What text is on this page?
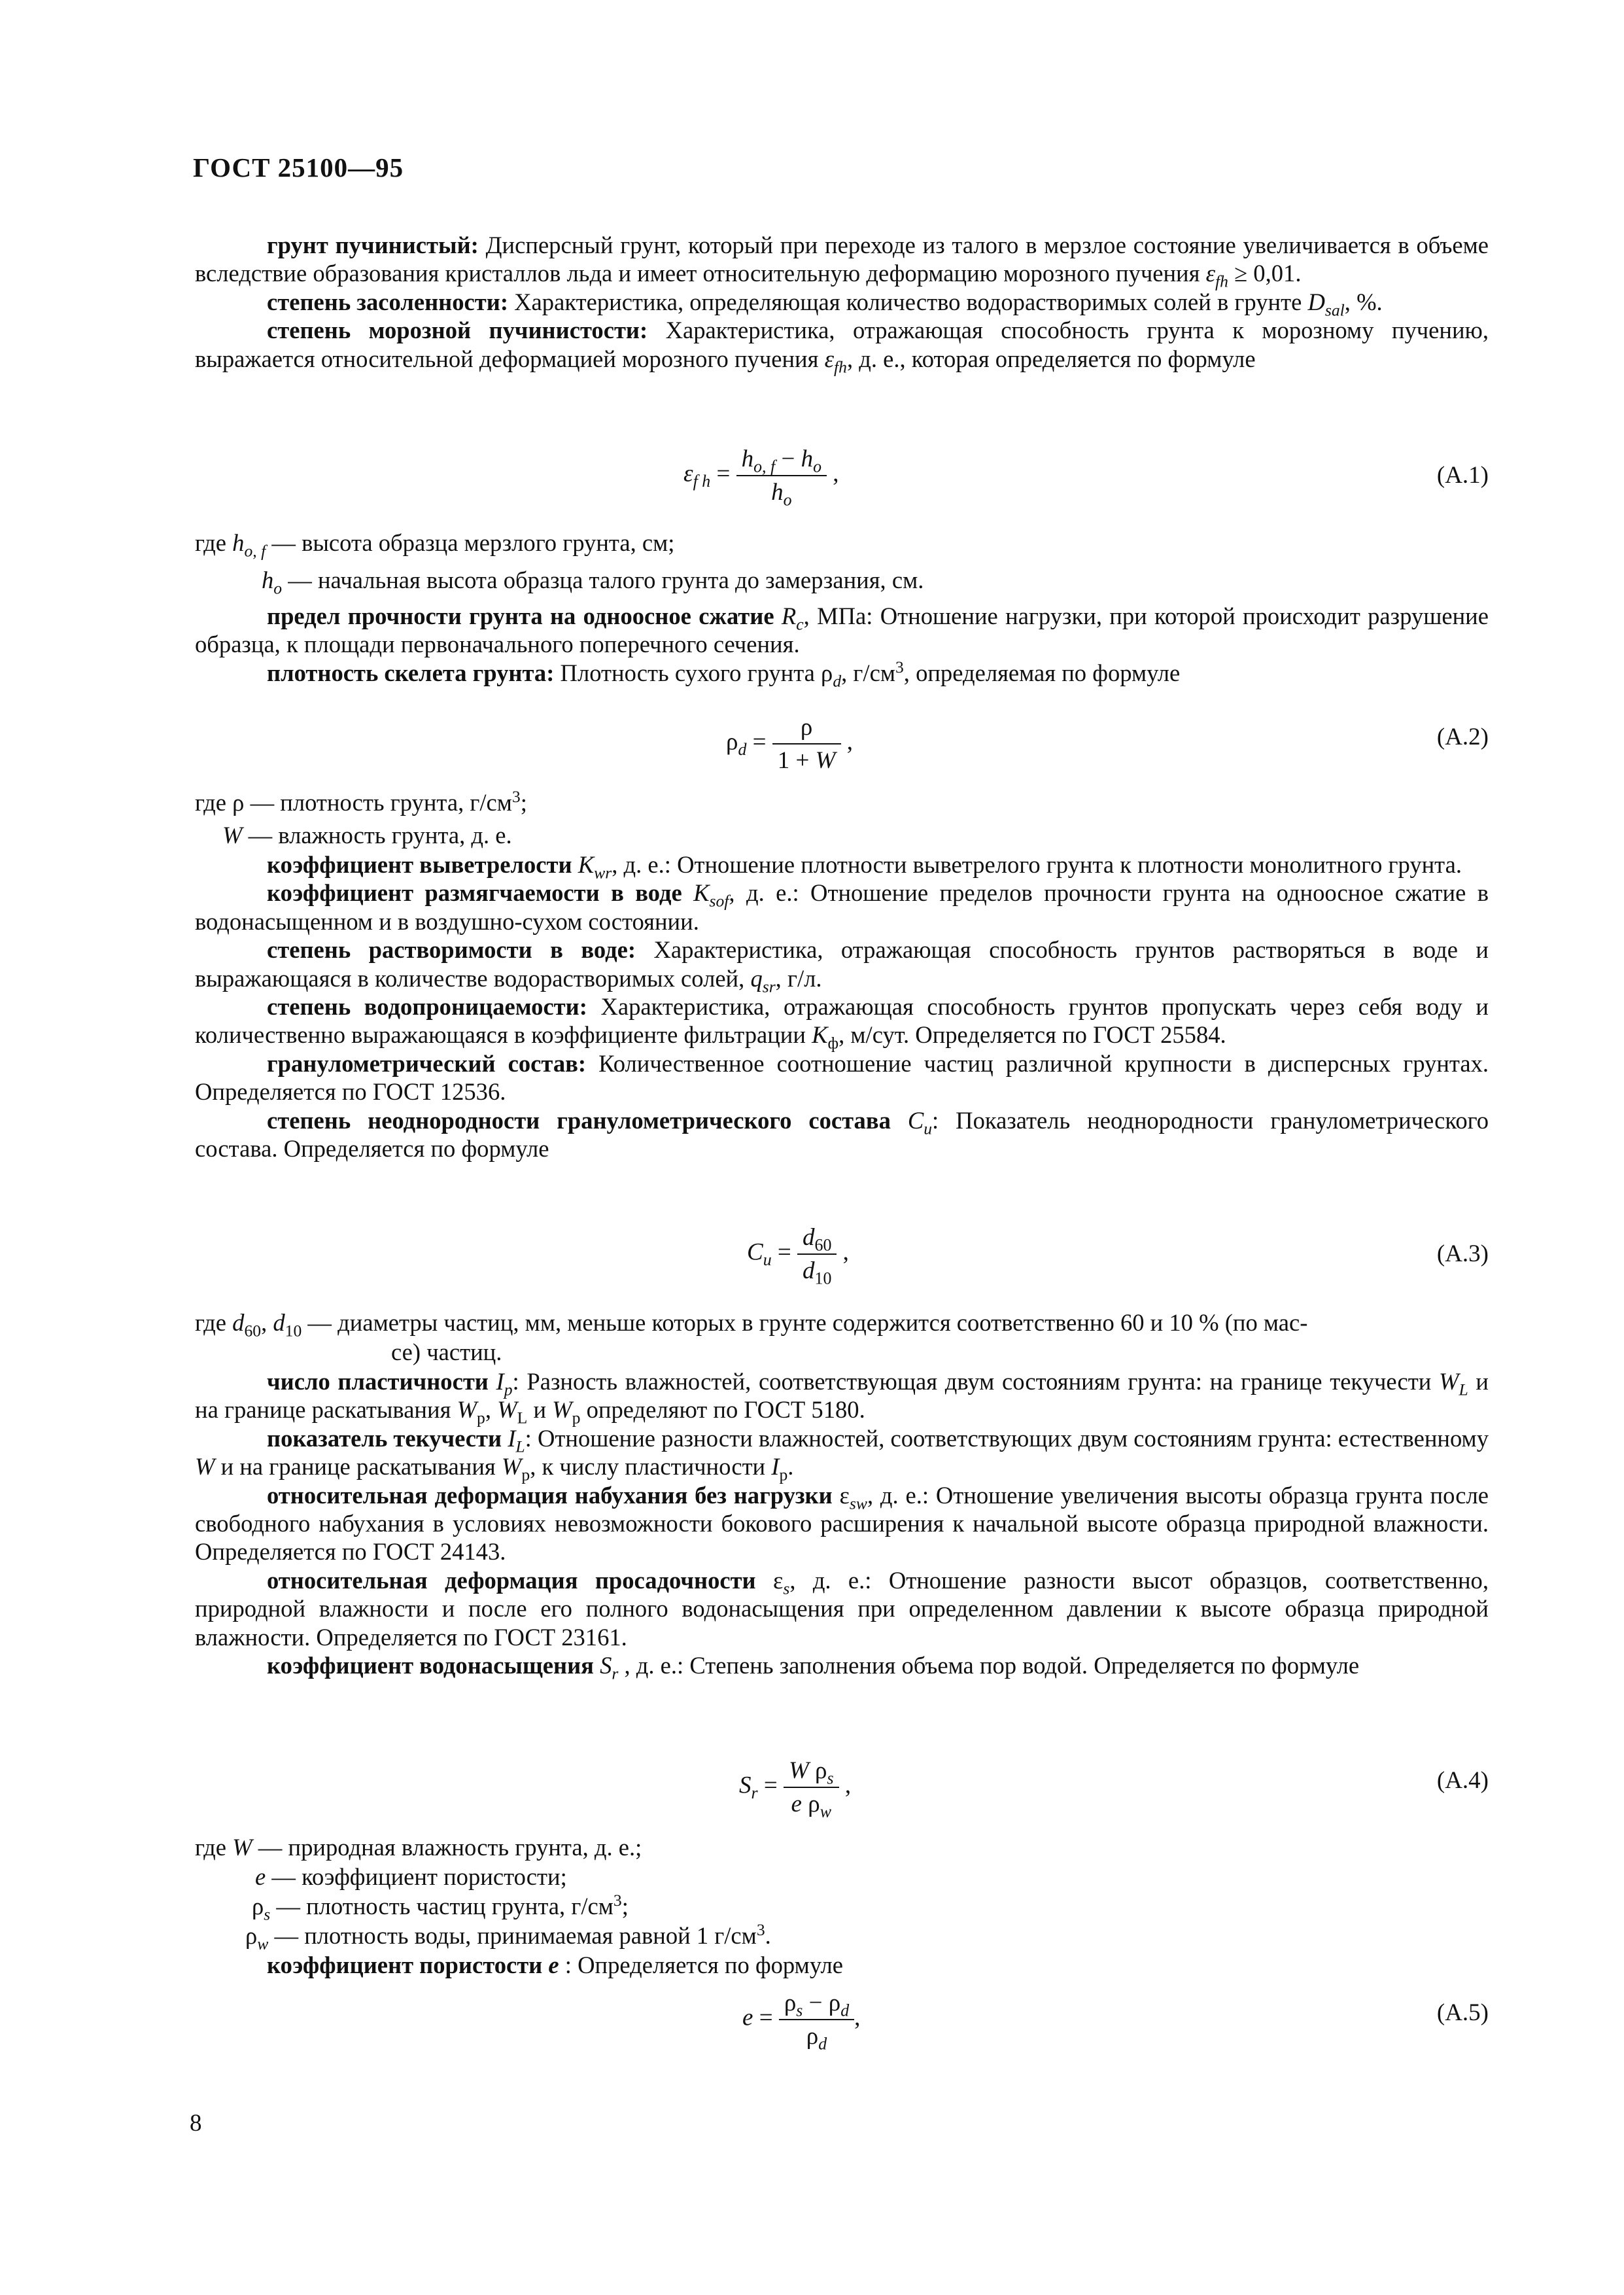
ГОСТ 25100—95

грунт пучинистый: Дисперсный грунт, который при переходе из талого в мерзлое состояние увеличивается в объеме вследствие образования кристаллов льда и имеет относительную деформацию морозного пучения $\varepsilon_{fh} \ge 0,01$.

степень засоленности: Характеристика, определяющая количество водорастворимых солей в грунте $D_{sal}$, %.

степень морозной пучинистости: Характеристика, отражающая способность грунта к морозному пучению, выражается относительной деформацией морозного пучения $\varepsilon_{fh}$, д. е., которая определяется по формуле

$\varepsilon_{f h} = \frac{h_{o, f} - h_o}{h_o}$ ,	(А.1)
где $h_{o, f}$ — высота образца мерзлого грунта, см;
$h_o$ — начальная высота образца талого грунта до замерзания, см.

предел прочности грунта на одноосное сжатие $R_c$, МПа: Отношение нагрузки, при которой происходит разрушение образца, к площади первоначального поперечного сечения.

плотность скелета грунта: Плотность сухого грунта $\rho_d$, $г/см^3$, определяемая по формуле

$\rho_d = \frac{\rho}{1 + W}$ ,	(А.2)
где ρ — плотность грунта, $г/см^3$;
W — влажность грунта, д. е.

коэффициент выветрелости $K_{wr}$, д. е.: Отношение плотности выветрелого грунта к плотности монолитного грунта.

коэффициент размягчаемости в воде $K_{sof}$, д. е.: Отношение пределов прочности грунта на одноосное сжатие в водонасыщенном и в воздушно-сухом состоянии.

степень растворимости в воде: Характеристика, отражающая способность грунтов растворяться в воде и выражающаяся в количестве водорастворимых солей, $q_{sr}$, г/л.

степень водопроницаемости: Характеристика, отражающая способность грунтов пропускать через себя воду и количественно выражающаяся в коэффициенте фильтрации $K_ф$, м/сут. Определяется по ГОСТ 25584.

гранулометрический состав: Количественное соотношение частиц различной крупности в дисперсных грунтах. Определяется по ГОСТ 12536.

степень неоднородности гранулометрического состава $C_u$: Показатель неоднородности гранулометрического состава. Определяется по формуле

$C_u = \frac{d_{60}}{d_{10}}$ ,	(А.3)
где $d_{60}$, $d_{10}$ — диаметры частиц, мм, меньше которых в грунте содержится соответственно 60 и 10 % (по мас-
се) частиц.

число пластичности $I_p$: Разность влажностей, соответствующая двум состояниям грунта: на границе текучести $W_L$ и на границе раскатывания $W_p$, $W_L$ и $W_p$ определяют по ГОСТ 5180.

показатель текучести $I_L$: Отношение разности влажностей, соответствующих двум состояниям грунта: естественному W и на границе раскатывания $W_p$, к числу пластичности $I_p$.

относительная деформация набухания без нагрузки $\varepsilon_{sw}$, д. е.: Отношение увеличения высоты образца грунта после свободного набухания в условиях невозможности бокового расширения к начальной высоте образца природной влажности. Определяется по ГОСТ 24143.

относительная деформация просадочности $\varepsilon_s$, д. е.: Отношение разности высот образцов, соответственно, природной влажности и после его полного водонасыщения при определенном давлении к высоте образца природной влажности. Определяется по ГОСТ 23161.

коэффициент водонасыщения $S_r$ , д. е.: Степень заполнения объема пор водой. Определяется по формуле

$S_r = \frac{W \rho_s}{e \rho_w}$ ,	(А.4)
где W — природная влажность грунта, д. е.;
e — коэффициент пористости;
$\rho_s$ — плотность частиц грунта, $г/см^3$;
$\rho_w$ — плотность воды, принимаемая равной 1 $г/см^3$.

коэффициент пористости e : Определяется по формуле

$e = \frac{\rho_s - \rho_d}{\rho_d}$ ,	(А.5)
8
